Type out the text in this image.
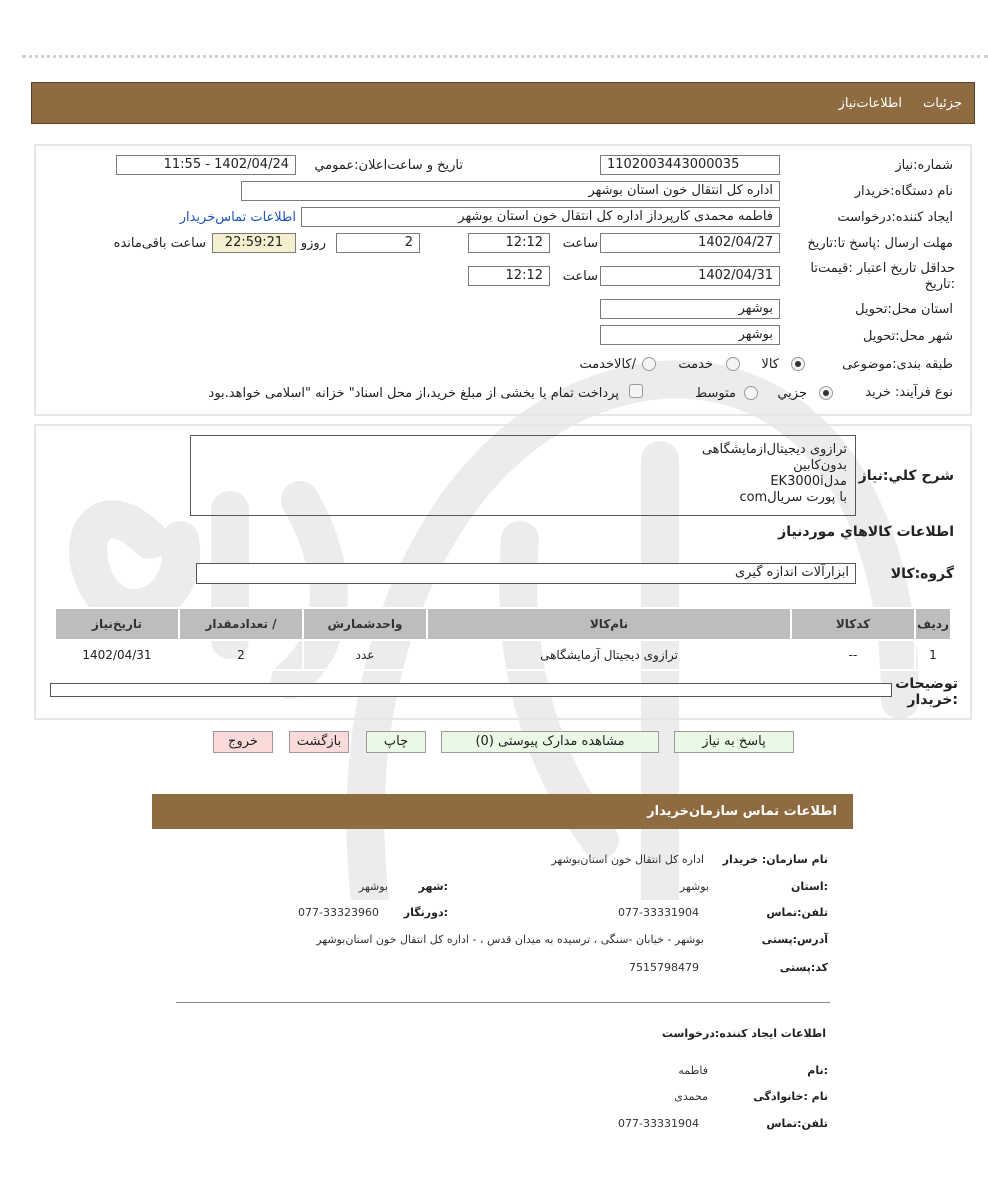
جزئیات
اطلاعات‌نیاز
شماره:نیاز
1102003443000035
تاریخ و ساعت‌اعلان:عمومي
1402/04/24 - 11:55
نام دستگاه:خريدار
اداره کل انتقال خون استان بوشهر
ایجاد کننده:درخواست
فاطمه محمدی کارپرداز اداره کل انتقال خون استان بوشهر
اطلاعات تماس‌خریدار
مهلت ارسال :پاسخ تا:تاریخ
1402/04/27
ساعت
12:12
2
روزو
22:59:21
ساعت باقی‌مانده
حداقل تاریخ اعتبار :قیمت‌تا :تاریخ
1402/04/31
ساعت
12:12
استان محل:تحویل
بوشهر
شهر محل:تحویل
بوشهر
طبقه بندی:موضوعی
کالا
خدمت
/کالاخدمت
نوع فرآیند: خرید
جزیي
متوسط
پرداخت تمام یا بخشی از مبلغ خرید،از محل اسناد" خزانه "اسلامی خواهد.بود
شرح کلي:نیاز
ترازوی دیجیتال‌ازمایشگاهی
بدون‌کابین
مدلEK3000i
با پورت سریالcom
اطلاعات کالاهاي موردنیاز
گروه:کالا
ابزارآلات اندازه گیری
ردیف	کدکالا	نام‌کالا	واحدشمارش	/ تعدادمقدار	تاریخ‌نیاز
1	--	ترازوی دیجیتال آزمایشگاهی	عدد	2	1402/04/31
توضیحات :خریدار
پاسخ به نیاز
مشاهده مدارک پیوستی (0)
چاپ
بازگشت
خروج
اطلاعات تماس سازمان‌خریدار
نام سازمان: خریدار
اداره کل انتقال خون استان‌بوشهر
:استان
بوشهر
:شهر
بوشهر
تلفن:تماس
077-33331904
:دورنگار
077-33323960
آدرس:پستی
بوشهر - خیابان -سنگی ، ترسیده به میدان قدس ، - اداره کل انتقال خون استان‌بوشهر
کد:پستی
7515798479
اطلاعات ایجاد کننده:درخواست
:نام
فاطمه
نام :خانوادگی
محمدی
تلفن:تماس
077-33331904
